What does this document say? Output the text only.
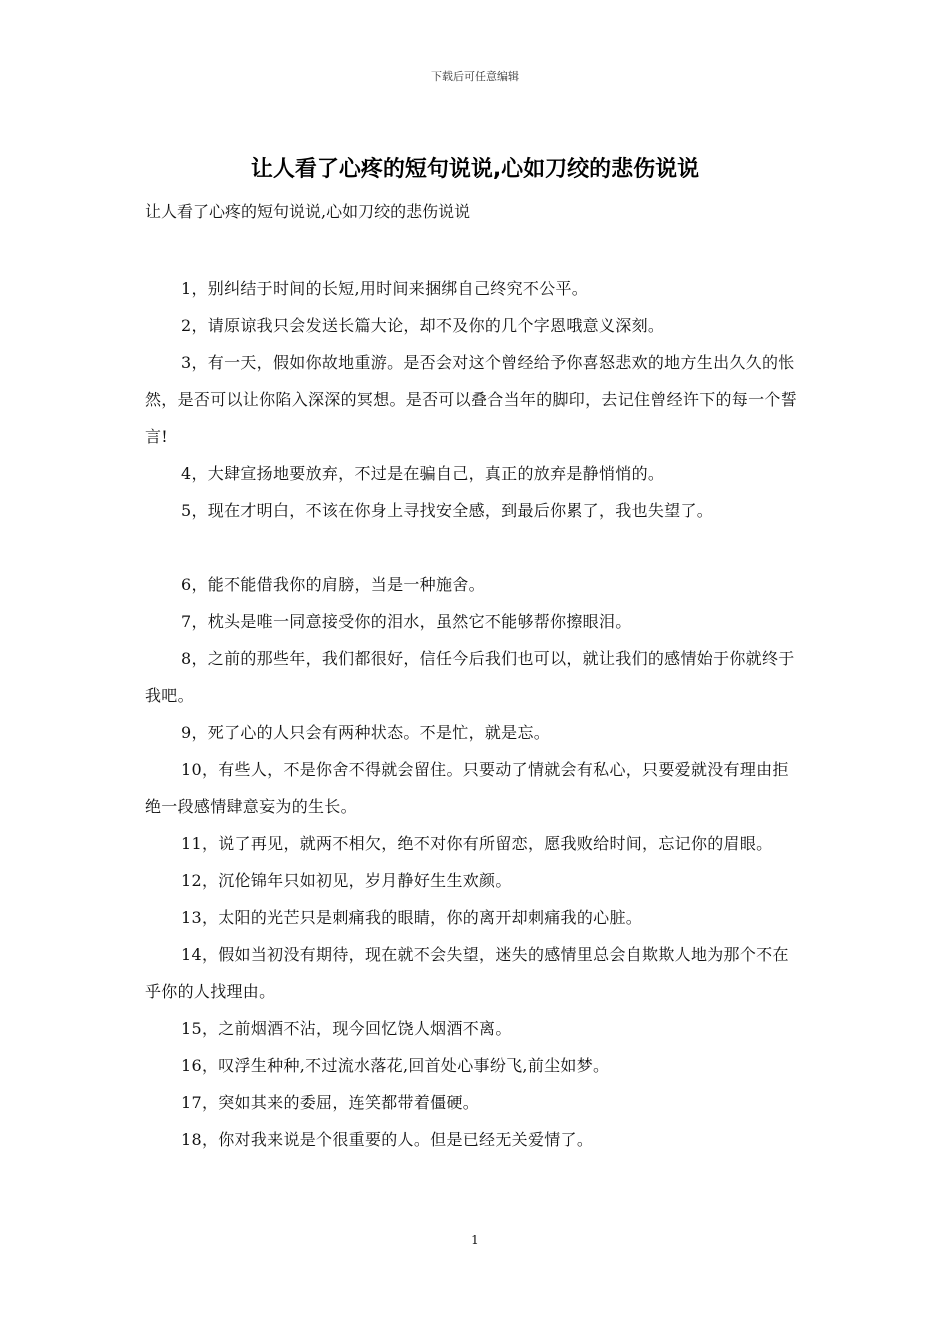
下载后可任意编辑
让人看了心疼的短句说说,心如刀绞的悲伤说说
让人看了心疼的短句说说,心如刀绞的悲伤说说

1，别纠结于时间的长短,用时间来捆绑自己终究不公平。

2，请原谅我只会发送长篇大论，却不及你的几个字恩哦意义深刻。

3，有一天，假如你故地重游。是否会对这个曾经给予你喜怒悲欢的地方生出久久的怅然，是否可以让你陷入深深的冥想。是否可以叠合当年的脚印，去记住曾经许下的每一个誓言!

4，大肆宣扬地要放弃，不过是在骗自己，真正的放弃是静悄悄的。

5，现在才明白，不该在你身上寻找安全感，到最后你累了，我也失望了。

6，能不能借我你的肩膀，当是一种施舍。

7，枕头是唯一同意接受你的泪水，虽然它不能够帮你擦眼泪。

8，之前的那些年，我们都很好，信任今后我们也可以，就让我们的感情始于你就终于我吧。

9，死了心的人只会有两种状态。不是忙，就是忘。

10，有些人，不是你舍不得就会留住。只要动了情就会有私心，只要爱就没有理由拒绝一段感情肆意妄为的生长。

11，说了再见，就两不相欠，绝不对你有所留恋，愿我败给时间，忘记你的眉眼。

12，沉伦锦年只如初见，岁月静好生生欢颜。

13，太阳的光芒只是刺痛我的眼睛，你的离开却刺痛我的心脏。

14，假如当初没有期待，现在就不会失望，迷失的感情里总会自欺欺人地为那个不在乎你的人找理由。

15，之前烟酒不沾，现今回忆饶人烟酒不离。

16，叹浮生种种,不过流水落花,回首处心事纷飞,前尘如梦。

17，突如其来的委屈，连笑都带着僵硬。

18，你对我来说是个很重要的人。但是已经无关爱情了。

1
